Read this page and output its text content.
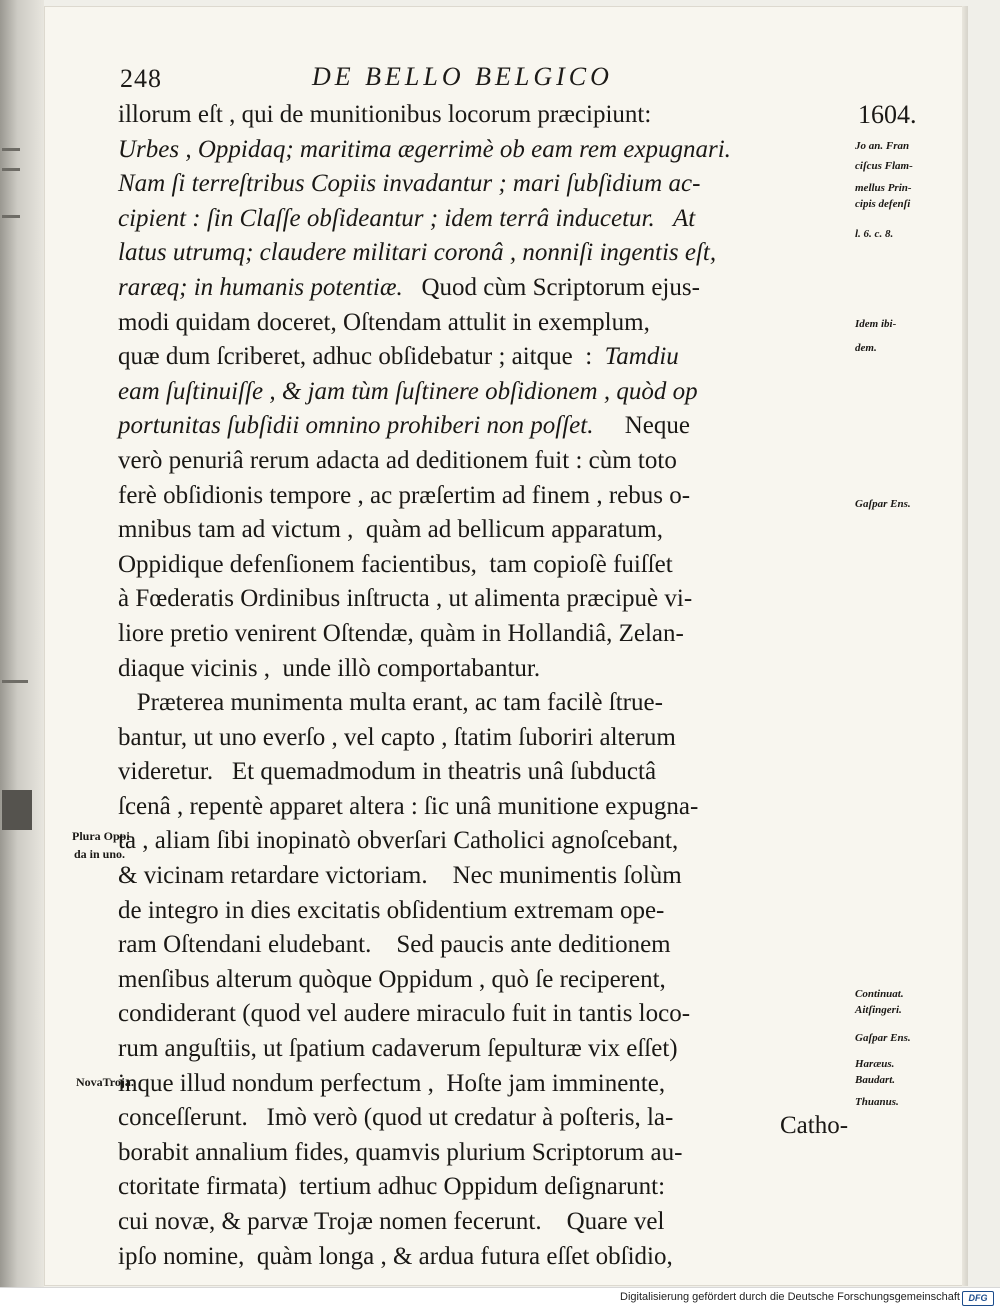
248	DE BELLO BELGICO
illorum eſt , qui de munitionibus locorum præcipiunt:
Urbes , Oppidaq; maritima ægerrimè ob eam rem expugnari.
Nam ſi terreſtribus Copiis invadantur ; mari ſubſidium ac-
cipient : ſin Claſſe obſideantur ; idem terrâ inducetur.   At
latus utrumq; claudere militari coronâ , nonniſi ingentis eſt,
raræq; in humanis potentiæ.   Quod cùm Scriptorum ejus-
modi quidam doceret, Oſtendam attulit in exemplum,
quæ dum ſcriberet, adhuc obſidebatur ; aitque  :  Tamdiu
eam ſuſtinuiſſe , & jam tùm ſuſtinere obſidionem , quòd op
portunitas ſubſidii omnino prohiberi non poſſet.     Neque
verò penuriâ rerum adacta ad deditionem fuit : cùm toto
ferè obſidionis tempore , ac præſertim ad finem , rebus o-
mnibus tam ad victum ,  quàm ad bellicum apparatum,
Oppidique defenſionem facientibus,  tam copioſè fuiſſet
à Fœderatis Ordinibus inſtructa , ut alimenta præcipuè vi-
liore pretio venirent Oſtendæ, quàm in Hollandiâ, Zelan-
diaque vicinis ,  unde illò comportabantur.
Præterea munimenta multa erant, ac tam facilè ſtrue-
bantur, ut uno everſo , vel capto , ſtatim ſuboriri alterum
videretur.   Et quemadmodum in theatris unâ ſubductâ
ſcenâ , repentè apparet altera : ſic unâ munitione expugna-
ta , aliam ſibi inopinatò obverſari Catholici agnoſcebant,
& vicinam retardare victoriam.    Nec munimentis ſolùm
de integro in dies excitatis obſidentium extremam ope-
ram Oſtendani eludebant.    Sed paucis ante deditionem
menſibus alterum quòque Oppidum , quò ſe reciperent,
condiderant (quod vel audere miraculo fuit in tantis loco-
rum anguſtiis, ut ſpatium cadaverum ſepulturæ vix eſſet)
inque illud nondum perfectum ,  Hoſte jam imminente,
conceſſerunt.   Imò verò (quod ut credatur à poſteris, la-
borabit annalium fides, quamvis plurium Scriptorum au-
ctoritate firmata)  tertium adhuc Oppidum deſignarunt:
cui novæ, & parvæ Trojæ nomen fecerunt.    Quare vel
ipſo nomine,  quàm longa , & ardua futura eſſet obſidio,
1604.
Jo an. Fran
ciſcus Flam-
mellus Prin-
cipis defenſi
l. 6. c. 8.
Idem ibi-
dem.
Gaſpar Ens.
Continuat.
Aitſingeri.
Gaſpar Ens.
Haræus.
Baudart.
Thuanus.
Plura Oppi-
da in uno.
NovaTroja.
Catho-
Digitalisierung gefördert durch die Deutsche Forschungsgemeinschaft DFG
